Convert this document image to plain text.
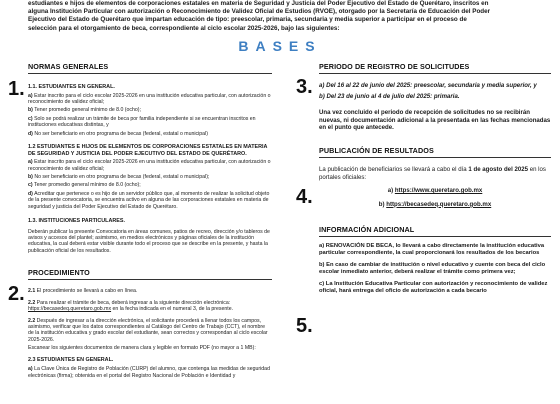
estudiantes e hijos de elementos de corporaciones estatales en materia de Seguridad y Justicia del Poder Ejecutivo del Estado de Querétaro, inscritos en
alguna Institución Particular con autorización o Reconocimiento de Validez Oficial de Estudios (RVOE), otorgado por la Secretaría de Educación del Poder
Ejecutivo del Estado de Querétaro que impartan educación de tipo: preescolar, primaria, secundaria y media superior a participar en el proceso de
selección para el otorgamiento de beca, correspondiente al ciclo escolar 2025-2026, bajo las siguientes:
BASES
1.
2.
NORMAS GENERALES
1.1. ESTUDIANTES EN GENERAL.
a) Estar inscrito para el ciclo escolar 2025-2026 en una institución educativa particular, con autorización o reconocimiento de validez oficial;
b) Tener promedio general mínimo de 8.0 (ocho);
c) Solo se podrá realizar un trámite de beca por familia independiente si se encuentran inscritos en instituciones educativas distintas, y
d) No ser beneficiario en otro programa de becas (federal, estatal o municipal)
1.2 ESTUDIANTES E HIJOS DE ELEMENTOS DE CORPORACIONES ESTATALES EN MATERIA DE SEGURIDAD Y JUSTICIA DEL PODER EJECUTIVO DEL ESTADO DE QUERÉTARO.
a) Estar inscrito para el ciclo escolar 2025-2026 en una institución educativa particular, con autorización o reconocimiento de validez oficial;
b) No ser beneficiario en otro programa de becas (federal, estatal o municipal);
c) Tener promedio general mínimo de 8.0 (ocho);
d) Acreditar que pertenece o es hijo de un servidor público que, al momento de realizar la solicitud objeto de la presente convocatoria, se encuentra activo en alguna de las corporaciones estatales en materia de seguridad y justicia del Poder Ejecutivo del Estado de Querétaro.
1.3. INSTITUCIONES PARTICULARES.
Deberán publicar la presente Convocatoria en áreas comunes, patios de recreo, dirección y/o tableros de avisos y accesos del plantel; asimismo, en medios electrónicos y páginas oficiales de la institución educativa, la cual deberá estar visible durante todo el proceso que se describe en la presente, y hasta la publicación oficial de los resultados.
PROCEDIMIENTO
2.1 El procedimiento se llevará a cabo en línea.
2.2 Para realizar el trámite de beca, deberá ingresar a la siguiente dirección electrónica: https://becasedeq.queretaro.gob.mx en la fecha indicada en el numeral 3, de la presente.
2.2 Después de ingresar a la dirección electrónica, el solicitante procederá a llenar todos los campos, asimismo, verificar que los datos correspondientes al Catálogo del Centro de Trabajo (CCT), el nombre de la institución educativa y grado escolar del estudiante, sean correctos y correspondan al ciclo escolar 2025-2026.
Escanear los siguientes documentos de manera clara y legible en formato PDF (no mayor a 1 MB):
2.3 ESTUDIANTES EN GENERAL.
a) La Clave Única de Registro de Población (CURP) del alumno, que contenga las medidas de seguridad electrónicas (firma); obtenida en el portal del Registro Nacional de Población e Identidad y
3.
4.
5.
PERIODO DE REGISTRO DE SOLICITUDES
a) Del 16 al 22 de junio del 2025: preescolar, secundaria y media superior, y
b) Del 23 de junio al 4 de julio del 2025: primaria.
Una vez concluido el periodo de recepción de solicitudes no se recibirán nuevas, ni documentación adicional a la presentada en las fechas mencionadas en el punto que antecede.
PUBLICACIÓN DE RESULTADOS
La publicación de beneficiarios se llevará a cabo el día 1 de agosto del 2025 en los portales oficiales:
a) https://www.queretaro.gob.mx
b) https://becasedeq.queretaro.gob.mx
INFORMACIÓN ADICIONAL
a) RENOVACIÓN DE BECA, lo llevará a cabo directamente la institución educativa particular correspondiente, la cual proporcionará los resultados de los becarios
b) En caso de cambiar de institución o nivel educativo y cuente con beca del ciclo escolar inmediato anterior, deberá realizar el trámite como primera vez;
c) La Institución Educativa Particular con autorización y reconocimiento de validez oficial, hará entrega del oficio de autorización a cada becario
